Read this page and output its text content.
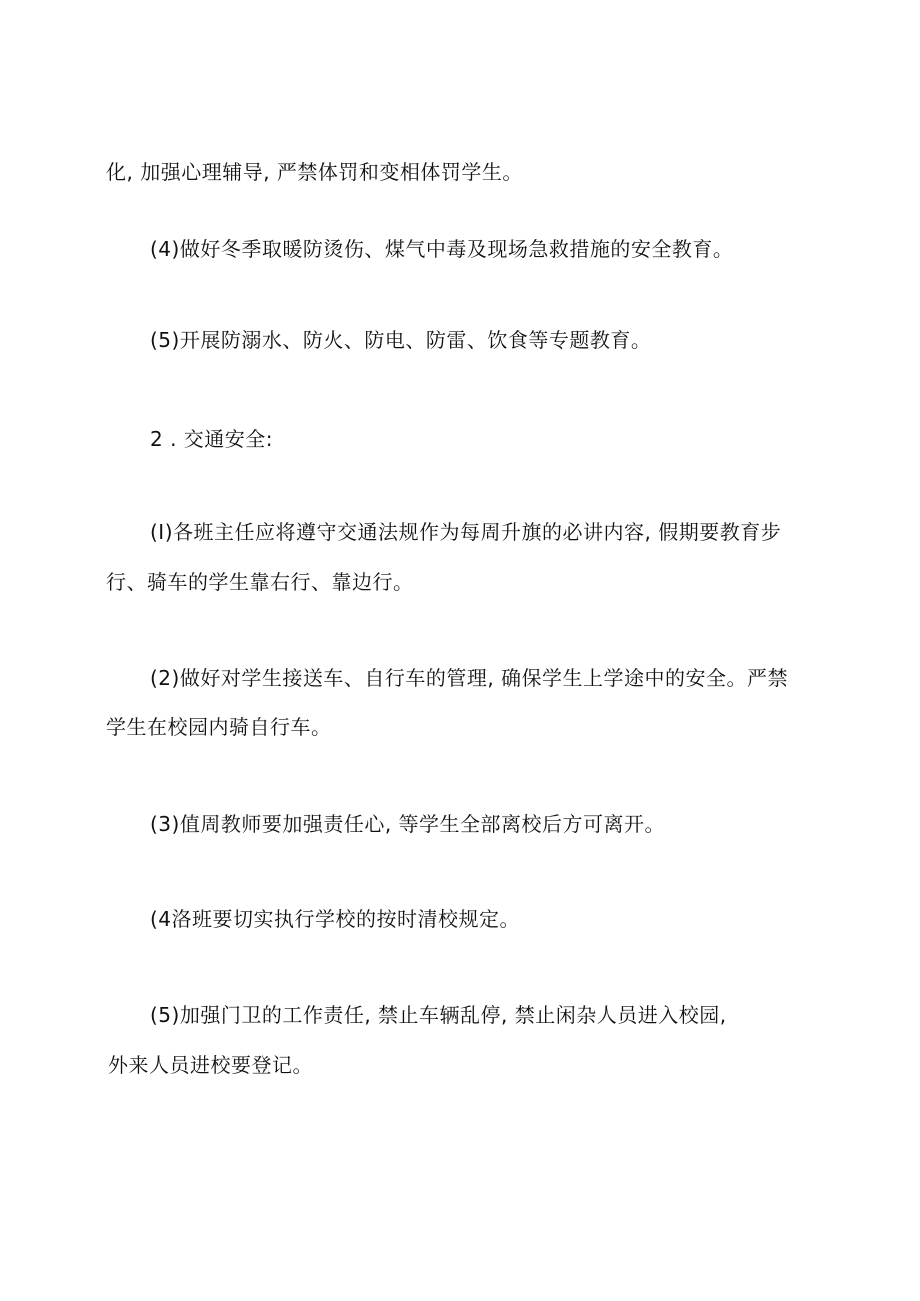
化, 加强心理辅导, 严禁体罚和变相体罚学生。

(4)做好冬季取暖防烫伤、煤气中毒及现场急救措施的安全教育。

(5)开展防溺水、防火、防电、防雷、饮食等专题教育。

2 . 交通安全:

(I)各班主任应将遵守交通法规作为每周升旗的必讲内容, 假期要教育步

行、骑车的学生靠右行、靠边行。

(2)做好对学生接送车、自行车的管理, 确保学生上学途中的安全。严禁

学生在校园内骑自行车。

(3)值周教师要加强责任心, 等学生全部离校后方可离开。

(4洛班要切实执行学校的按时清校规定。

(5)加强门卫的工作责任, 禁止车辆乱停, 禁止闲杂人员进入校园,

外来人员进校要登记。
